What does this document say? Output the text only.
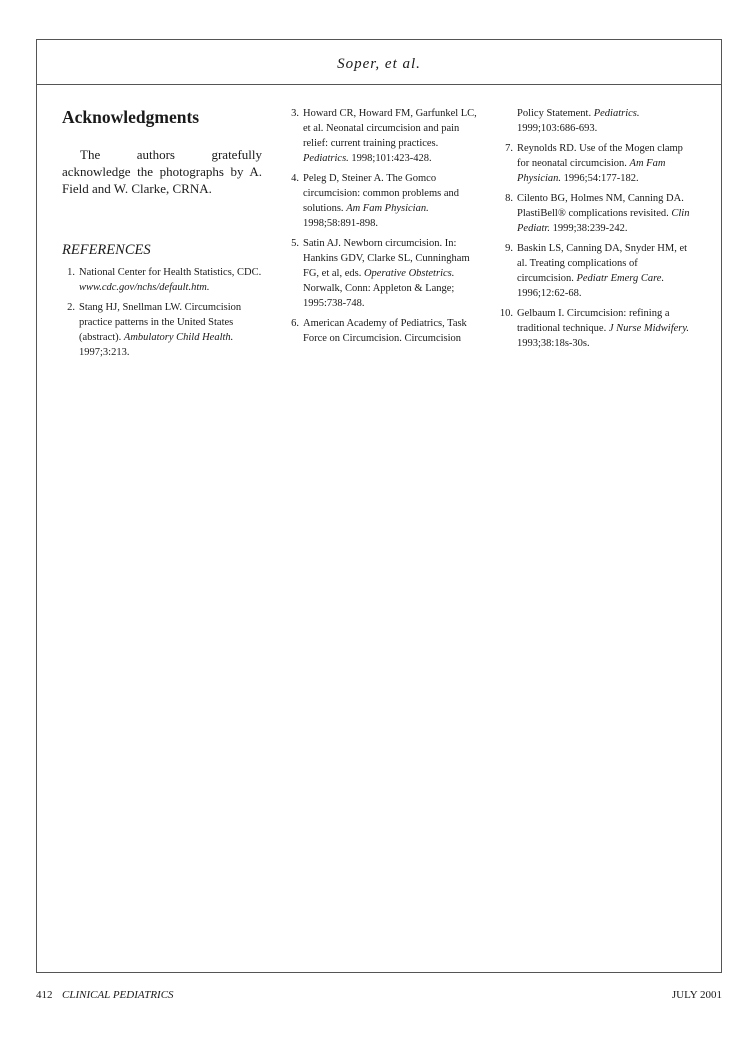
Soper, et al.
Acknowledgments

The authors gratefully acknowledge the photographs by A. Field and W. Clarke, CRNA.

REFERENCES
1 . National Center for Health Statistics, CDC. www.cdc.gov/nchs/default.htm.
2 . Stang HJ, Snellman LW. Circumcision practice patterns in the United States (abstract). Ambulatory Child Health. 1997;3:213.
3 . Howard CR, Howard FM, Garfunkel LC, et al. Neonatal circumcision and pain relief: current training practices. Pediatrics. 1998;101:423-428.
4 . Peleg D, Steiner A. The Gomco circumcision: common problems and solutions. Am Fam Physician. 1998;58:891-898.
5 . Satin AJ. Newborn circumcision. In: Hankins GDV, Clarke SL, Cunningham FG, et al, eds. Operative Obstetrics. Norwalk, Conn: Appleton & Lange; 1995:738-748.
6 . American Academy of Pediatrics, Task Force on Circumcision. Circumcision
Policy Statement. Pediatrics. 1999;103:686-693.
7 . Reynolds RD. Use of the Mogen clamp for neonatal circumcision. Am Fam Physician. 1996;54:177-182.
8 . Cilento BG, Holmes NM, Canning DA. PlastiBell® complications revisited. Clin Pediatr. 1999;38:239-242.
9 . Baskin LS, Canning DA, Snyder HM, et al. Treating complications of circumcision. Pediatr Emerg Care. 1996;12:62-68.
10 . Gelbaum I. Circumcision: refining a traditional technique. J Nurse Midwifery. 1993;38:18s-30s.
412 CLINICAL PEDIATRICS	JULY 2001
